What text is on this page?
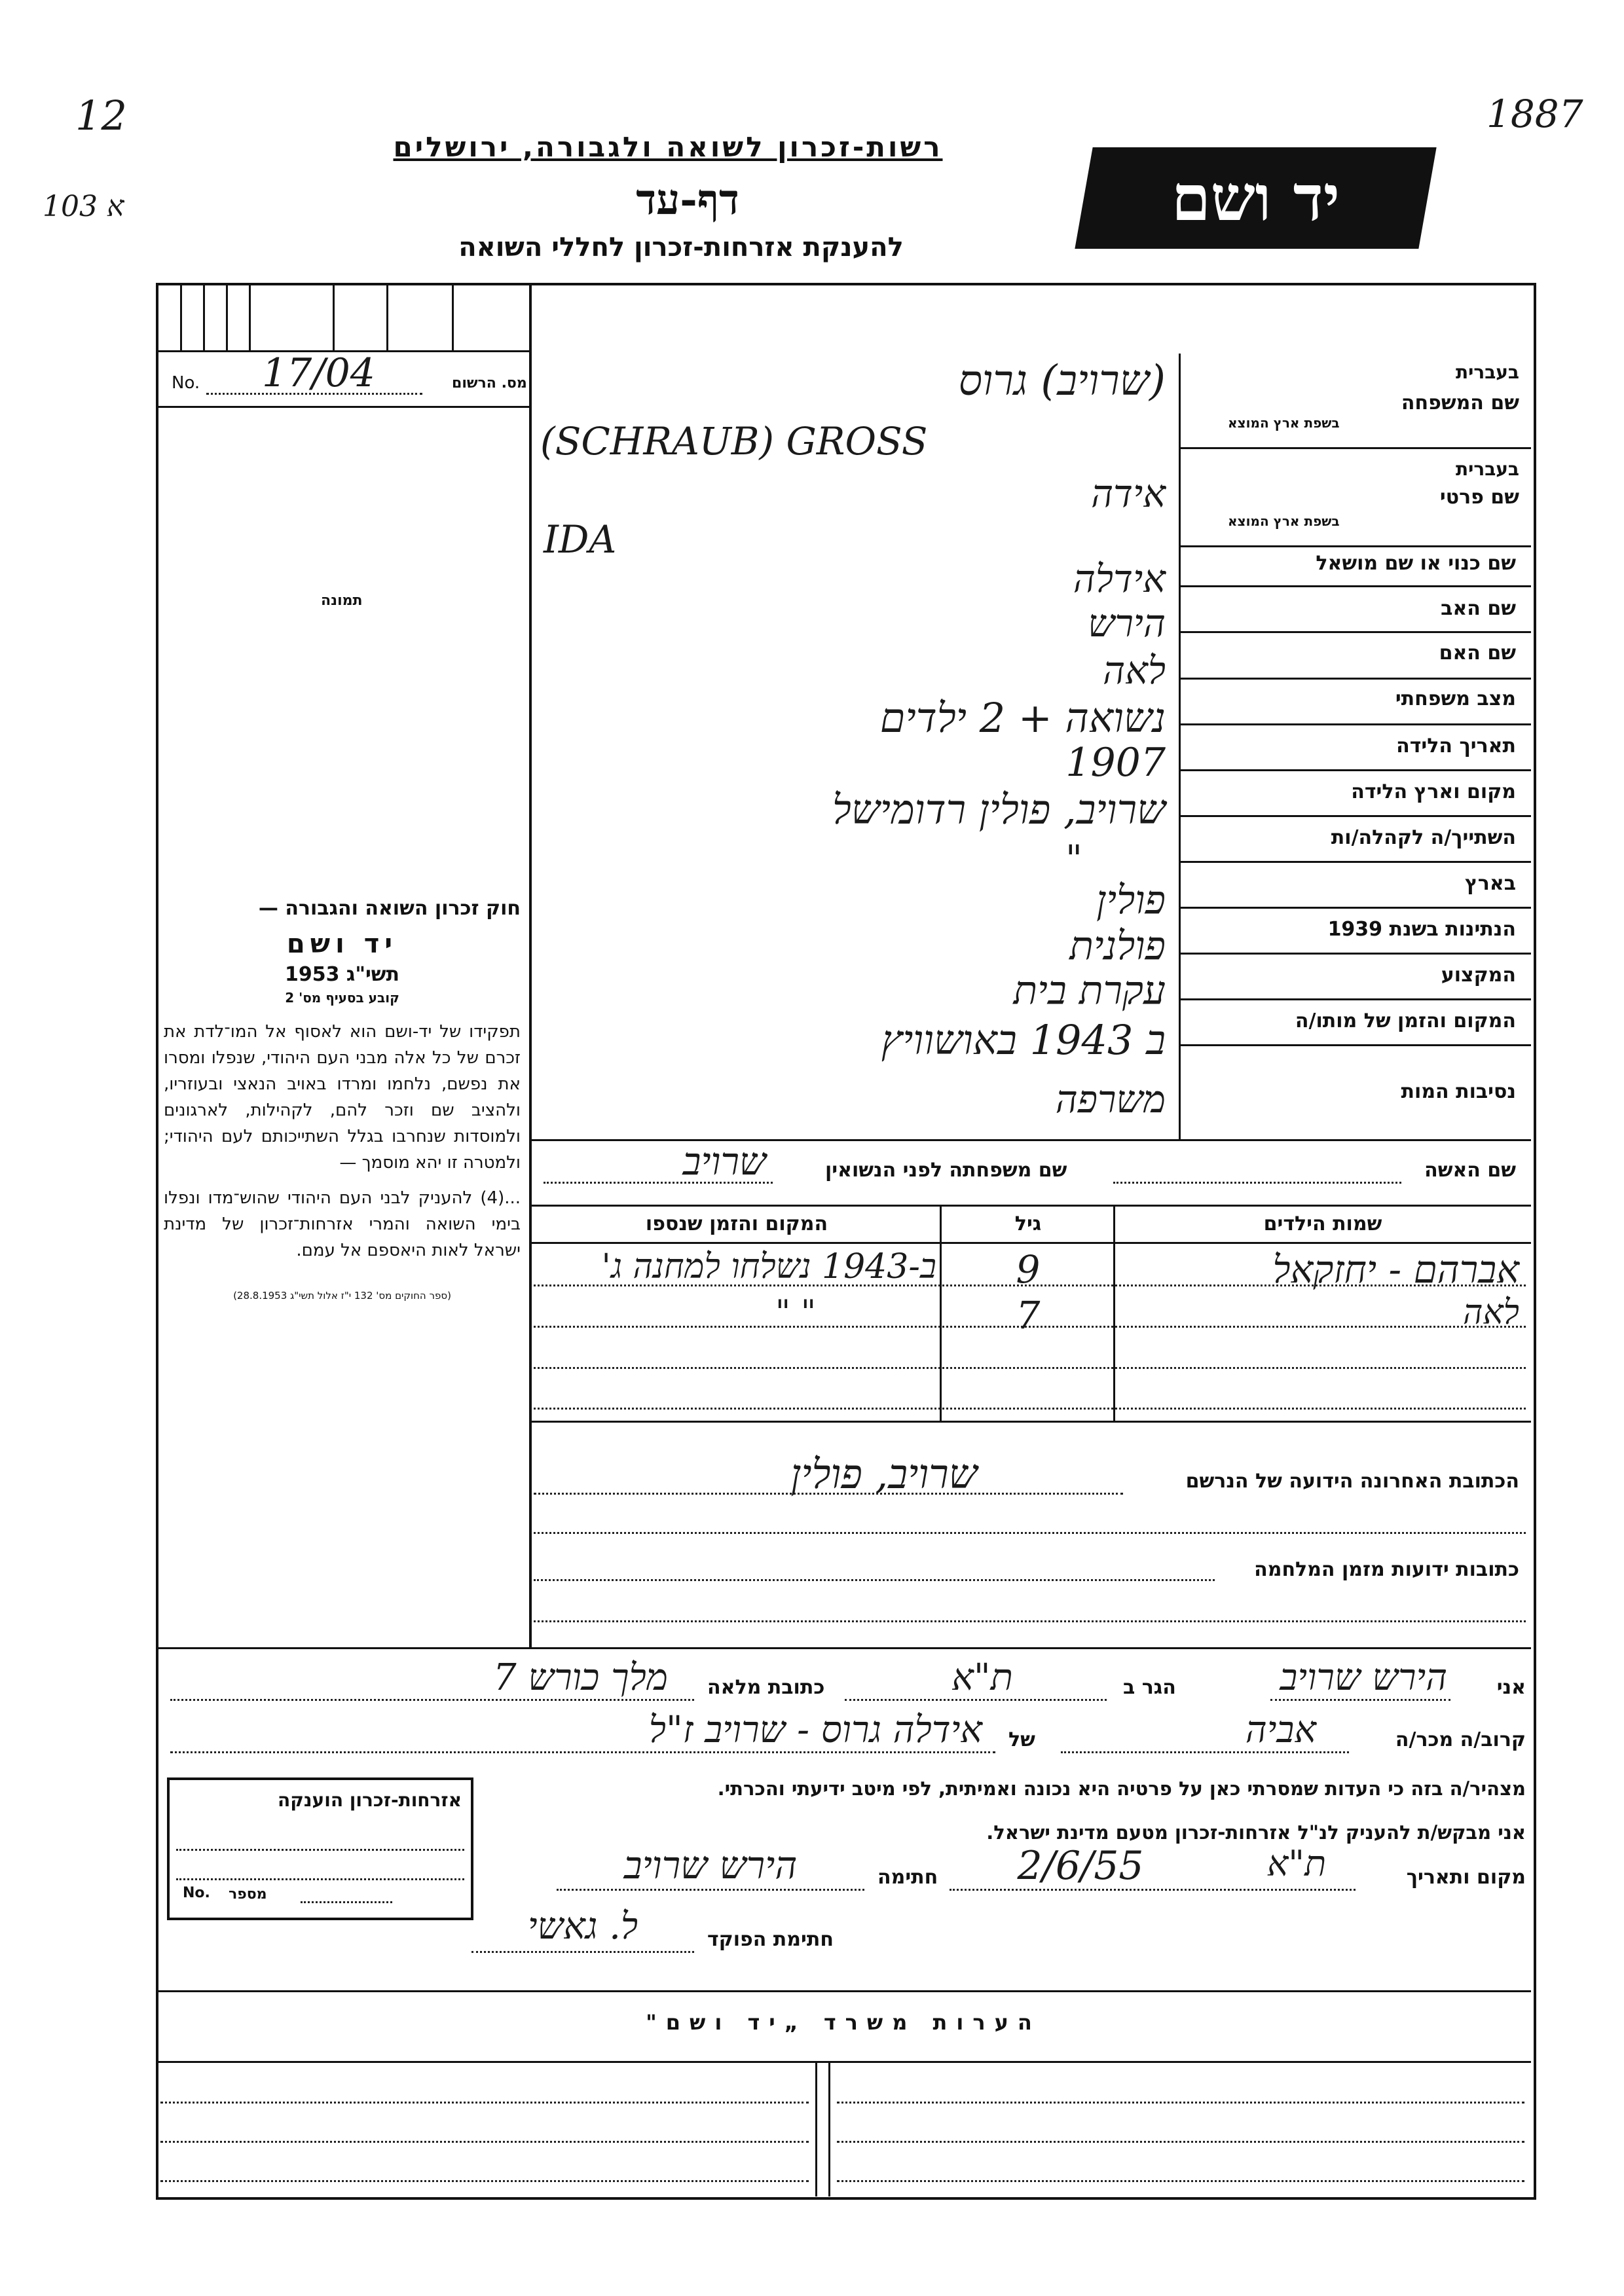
12
103 א
1887
רשות-זכרון לשואה ולגבורה, ירושלים
דף-עד
להענקת אזרחות-זכרון לחללי השואה
יד ושם
No. 17/04	מס. הרשום
תמונה
חוק זכרון השואה והגבורה —
יד ושם
תשי"ג 1953
קובע בסעיף מס' 2
תפקידו של יד-ושם הוא לאסוף אל המו־לדת את זכרם של כל אלה מבני העם היהודי, שנפלו ומסרו את נפשם, נלחמו ומרדו באויב הנאצי ובעוזריו, ולהציב שם וזכר להם, לקהילות, לארגונים ולמוסדות שנחרבו בגלל השתייכותם לעם היהודי; ולמטרה זו יהא מוסמך —
...(4) להעניק לבני העם היהודי שהוש־מדו ונפלו בימי השואה והמרי אזרחות־זכרון של מדינת ישראל לאות היאספם אל עמם.
(ספר החוקים מס' 132 י"ז אלול תשי"ג 28.8.1953)
בעברית
שם המשפחה
בשפת ארץ המוצא
בעברית
שם פרטי
בשפת ארץ המוצא
שם כנוי או שם מושאל
שם האב
שם האם
מצב משפחתי
תאריך הלידה
מקום וארץ הלידה
השתייך/ה לקהלה/ות
בארץ
הנתינות בשנת 1939
המקצוע
המקום והזמן של מותו/ה
נסיבות המות
(שרויב) גרוס
(SCHRAUB) GROSS
אידה
IDA
אידלה
הירש
לאה
נשואה + 2 ילדים
1907
שרויב, פולין רדומישל
"
פולין
פולנית
עקרת בית
ב 1943 באושוויץ
משרפה
שם האשה
שם משפחתה לפני הנשואין
שרויב
שמות הילדים
גיל
המקום והזמן שנספו
אברהם - יחזקאל
9
ב-1943 נשלחו למחנה ג'
לאה
7
" "
הכתובת האחרונה הידועה של הנרשם
שרויב, פולין
כתובות ידועות מזמן המלחמה
אני
הירש שרויב
הגר ב
ת"א
כתובת מלאה
מלך כורש 7
קרוב/ה מכר/ה
אביה
של
אידלה גרוס - שרויב ז"ל
מצהיר/ה בזה כי העדות שמסרתי כאן על פרטיה היא נכונה ואמיתית, לפי מיטב ידיעתי והכרתי.
אני מבקש/ת להעניק לנ"ל אזרחות-זכרון מטעם מדינת ישראל.
מקום ותאריך
ת"א
2/6/55
חתימה
הירש שרויב
חתימת הפוקד
ל. גאשי
אזרחות-זכרון הוענקה
No. מספר
הערות משרד „יד ושם"
